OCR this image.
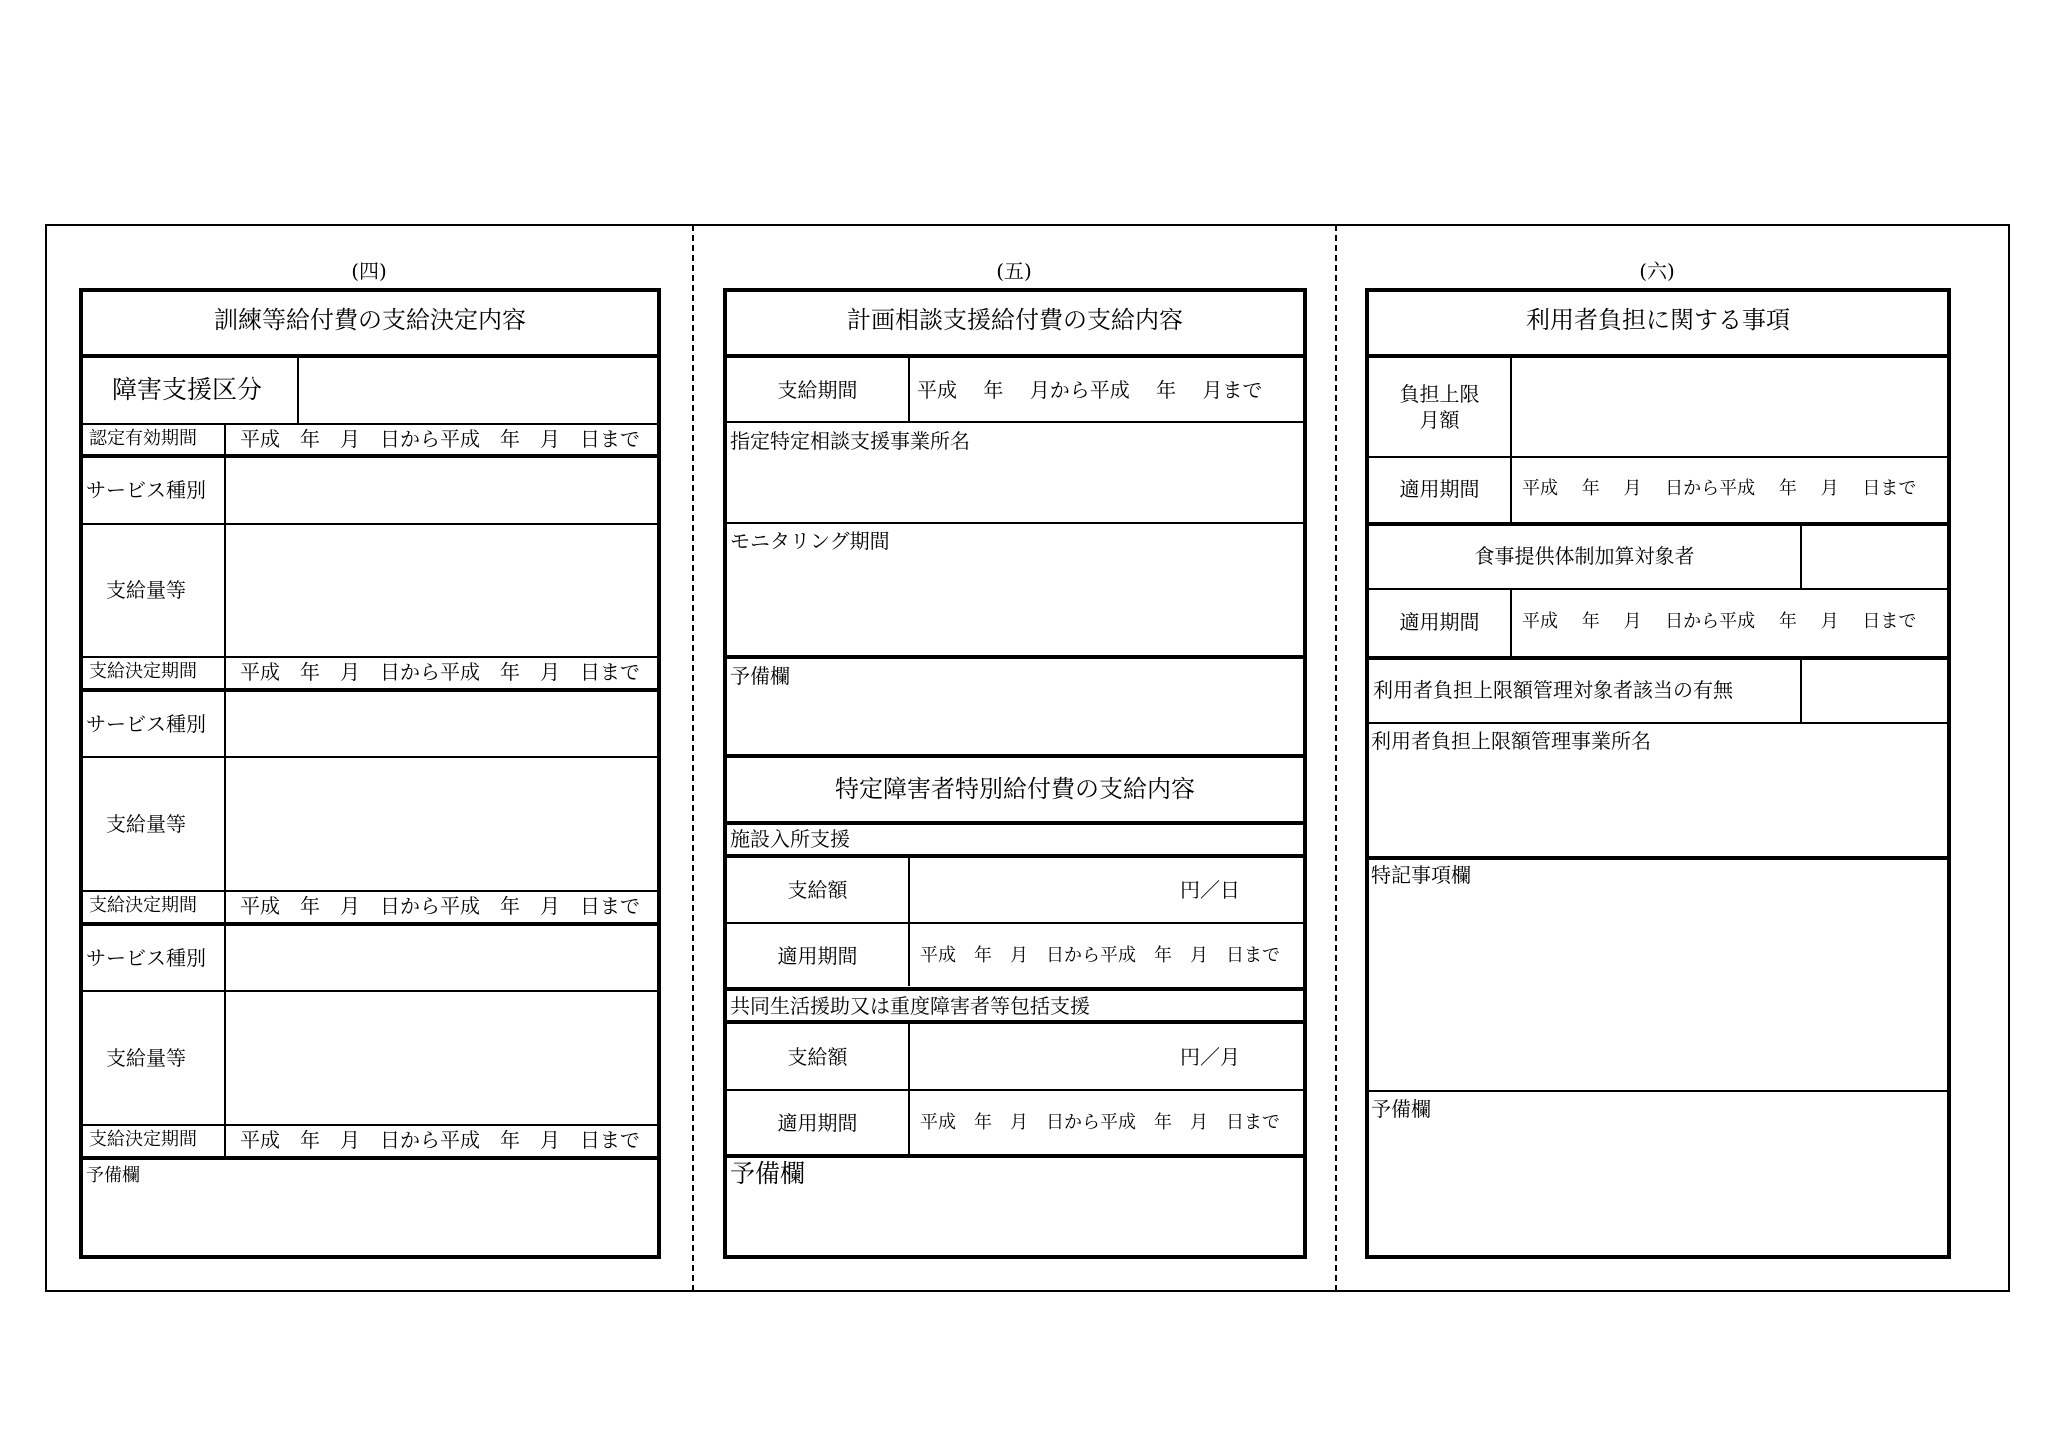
(四)
訓練等給付費の支給決定内容
障害支援区分
認定有効期間 平成　年　月　日から平成　年　月　日まで
サービス種別
支給量等
支給決定期間 平成　年　月　日から平成　年　月　日まで
サービス種別
支給量等
支給決定期間 平成　年　月　日から平成　年　月　日まで
サービス種別
支給量等
支給決定期間 平成　年　月　日から平成　年　月　日まで
予備欄
(五)
計画相談支援給付費の支給内容
支給期間	平成　 年　 月から平成　 年　 月まで
指定特定相談支援事業所名
モニタリング期間
予備欄
特定障害者特別給付費の支給内容
施設入所支援
支給額	円／日
適用期間	平成　年　月　日から平成　年　月　日まで
共同生活援助又は重度障害者等包括支援
支給額	円／月
適用期間	平成　年　月　日から平成　年　月　日まで
予備欄
(六)
利用者負担に関する事項
負担上限
月額
適用期間	平成　 年　 月　 日から平成　 年　 月　 日まで
食事提供体制加算対象者
適用期間	平成　 年　 月　 日から平成　 年　 月　 日まで
利用者負担上限額管理対象者該当の有無
利用者負担上限額管理事業所名
特記事項欄
予備欄
